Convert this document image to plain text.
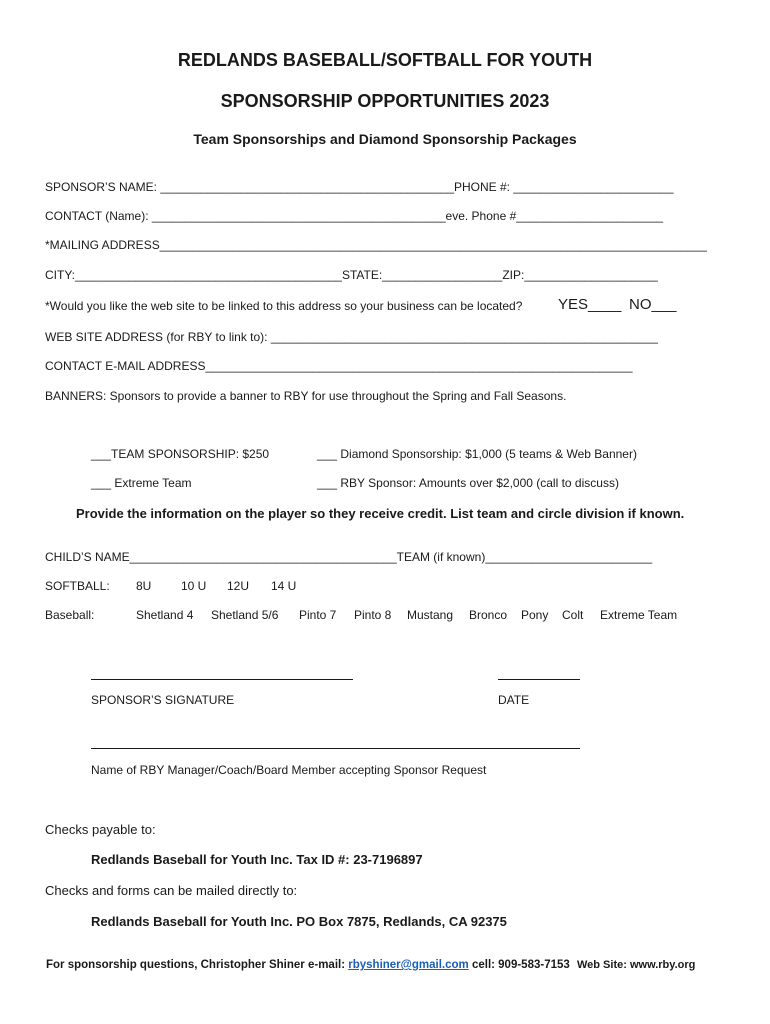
REDLANDS BASEBALL/SOFTBALL FOR YOUTH
SPONSORSHIP OPPORTUNITIES 2023
Team Sponsorships and Diamond Sponsorship Packages
SPONSOR’S NAME: ____________________________________________PHONE #: ________________________
CONTACT (Name): ____________________________________________eve. Phone #______________________
*MAILING ADDRESS__________________________________________________________________________________
CITY:________________________________________STATE:__________________ZIP:____________________
*Would you like the web site to be linked to this address so your business can be located? YES____ NO___
WEB SITE ADDRESS (for RBY to link to): __________________________________________________________
CONTACT E-MAIL ADDRESS________________________________________________________________
BANNERS: Sponsors to provide a banner to RBY for use throughout the Spring and Fall Seasons.
___TEAM SPONSORSHIP: $250	___ Diamond Sponsorship: $1,000 (5 teams & Web Banner)
___ Extreme Team	___ RBY Sponsor: Amounts over $2,000 (call to discuss)
Provide the information on the player so they receive credit. List team and circle division if known.
CHILD’S NAME________________________________________TEAM (if known)_________________________
SOFTBALL: 8U 10 U 12U 14 U
Baseball:	Shetland 4 Shetland 5/6 Pinto 7 Pinto 8 Mustang Bronco Pony Colt Extreme Team
SPONSOR’S SIGNATURE	DATE
Name of RBY Manager/Coach/Board Member accepting Sponsor Request
Checks payable to:
Redlands Baseball for Youth Inc. Tax ID #: 23-7196897
Checks and forms can be mailed directly to:
Redlands Baseball for Youth Inc. PO Box 7875, Redlands, CA 92375
For sponsorship questions, Christopher Shiner e-mail: rbyshiner@gmail.com cell: 909-583-7153 Web Site: www.rby.org
